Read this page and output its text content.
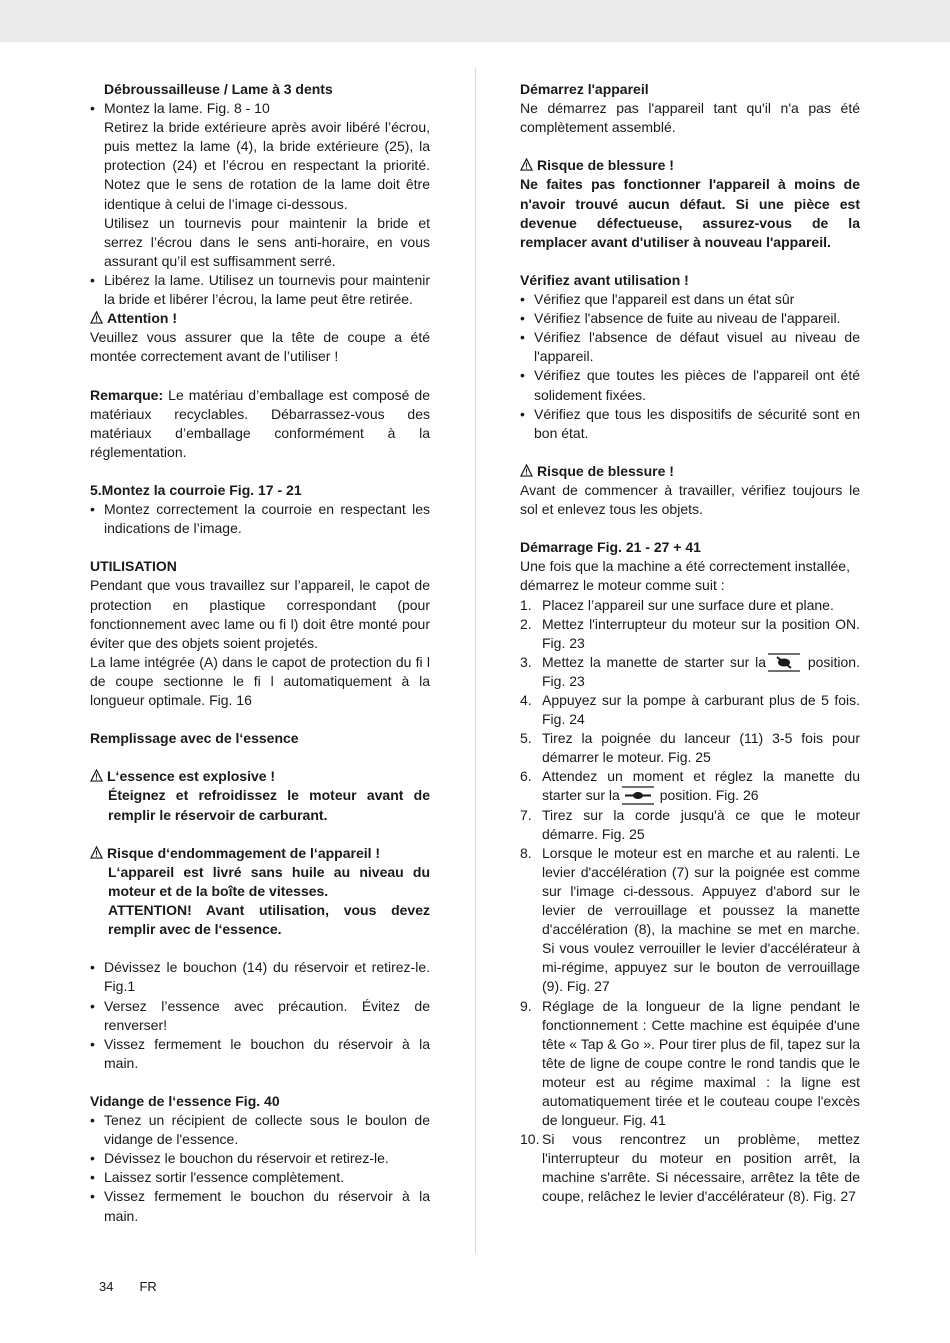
Débroussailleuse / Lame à 3 dents

• Montez la lame. Fig. 8 - 10

Retirez la bride extérieure après avoir libéré l’écrou, puis mettez la lame (4), la bride extérieure (25), la protection (24) et l’écrou en respectant la priorité. Notez que le sens de rotation de la lame doit être identique à celui de l’image ci-dessous.

Utilisez un tournevis pour maintenir la bride et serrez l’écrou dans le sens anti-horaire, en vous assurant qu’il est suffisamment serré.

• Libérez la lame. Utilisez un tournevis pour maintenir la bride et libérer l’écrou, la lame peut être retirée.

Attention !

Veuillez vous assurer que la tête de coupe a été montée correctement avant de l’utiliser !

Remarque: Le matériau d’emballage est composé de matériaux recyclables. Débarrassez-vous des matériaux d’emballage conformément à la réglementation.

5.Montez la courroie Fig. 17 - 21

• Montez correctement la courroie en respectant les indications de l’image.

UTILISATION

Pendant que vous travaillez sur l’appareil, le capot de protection en plastique correspondant (pour fonctionnement avec lame ou fi l) doit être monté pour éviter que des objets soient projetés.

La lame intégrée (A) dans le capot de protection du fi l de coupe sectionne le fi l automatiquement à la longueur optimale. Fig. 16

Remplissage avec de l‘essence

L‘essence est explosive !

Éteignez et refroidissez le moteur avant de remplir le réservoir de carburant.

Risque d‘endommagement de l‘appareil !

L‘appareil est livré sans huile au niveau du moteur et de la boîte de vitesses.

ATTENTION! Avant utilisation, vous devez remplir avec de l‘essence.

• Dévissez le bouchon (14) du réservoir et retirez-le. Fig.1
• Versez l’essence avec précaution. Évitez de renverser!
• Vissez fermement le bouchon du réservoir à la main.

Vidange de l‘essence Fig. 40

• Tenez un récipient de collecte sous le boulon de vidange de l'essence.
• Dévissez le bouchon du réservoir et retirez-le.
• Laissez sortir l'essence complètement.
• Vissez fermement le bouchon du réservoir à la main.

Démarrez l'appareil

Ne démarrez pas l'appareil tant qu'il n'a pas été complètement assemblé.

Risque de blessure !

Ne faites pas fonctionner l'appareil à moins de n'avoir trouvé aucun défaut. Si une pièce est devenue défectueuse, assurez-vous de la remplacer avant d'utiliser à nouveau l'appareil.

Vérifiez avant utilisation !

• Vérifiez que l'appareil est dans un état sûr
• Vérifiez l'absence de fuite au niveau de l'appareil.
• Vérifiez l'absence de défaut visuel au niveau de l'appareil.
• Vérifiez que toutes les pièces de l'appareil ont été solidement fixées.
• Vérifiez que tous les dispositifs de sécurité sont en bon état.

Risque de blessure !

Avant de commencer à travailler, vérifiez toujours le sol et enlevez tous les objets.

Démarrage Fig. 21 - 27 + 41

Une fois que la machine a été correctement installée, démarrez le moteur comme suit :

1. Placez l’appareil sur une surface dure et plane.
2. Mettez l'interrupteur du moteur sur la position ON. Fig. 23
3. Mettez la manette de starter sur la	position. Fig. 23
4. Appuyez sur la pompe à carburant plus de 5 fois. Fig. 24
5. Tirez la poignée du lanceur (11) 3-5 fois pour démarrer le moteur. Fig. 25
6. Attendez un moment et réglez la manette du starter sur la	position. Fig. 26
7. Tirez sur la corde jusqu'à ce que le moteur démarre. Fig. 25
8. Lorsque le moteur est en marche et au ralenti. Le levier d'accélération (7) sur la poignée est comme sur l'image ci-dessous. Appuyez d'abord sur le levier de verrouillage et poussez la manette d'accélération (8), la machine se met en marche. Si vous voulez verrouiller le levier d'accélérateur à mi-régime, appuyez sur le bouton de verrouillage (9). Fig. 27
9. Réglage de la longueur de la ligne pendant le fonctionnement : Cette machine est équipée d'une tête « Tap & Go ». Pour tirer plus de fil, tapez sur la tête de ligne de coupe contre le rond tandis que le moteur est au régime maximal : la ligne est automatiquement tirée et le couteau coupe l'excès de longueur. Fig. 41
10. Si vous rencontrez un problème, mettez l'interrupteur du moteur en position arrêt, la machine s'arrête. Si nécessaire, arrêtez la tête de coupe, relâchez le levier d'accélérateur (8). Fig. 27
34 FR
